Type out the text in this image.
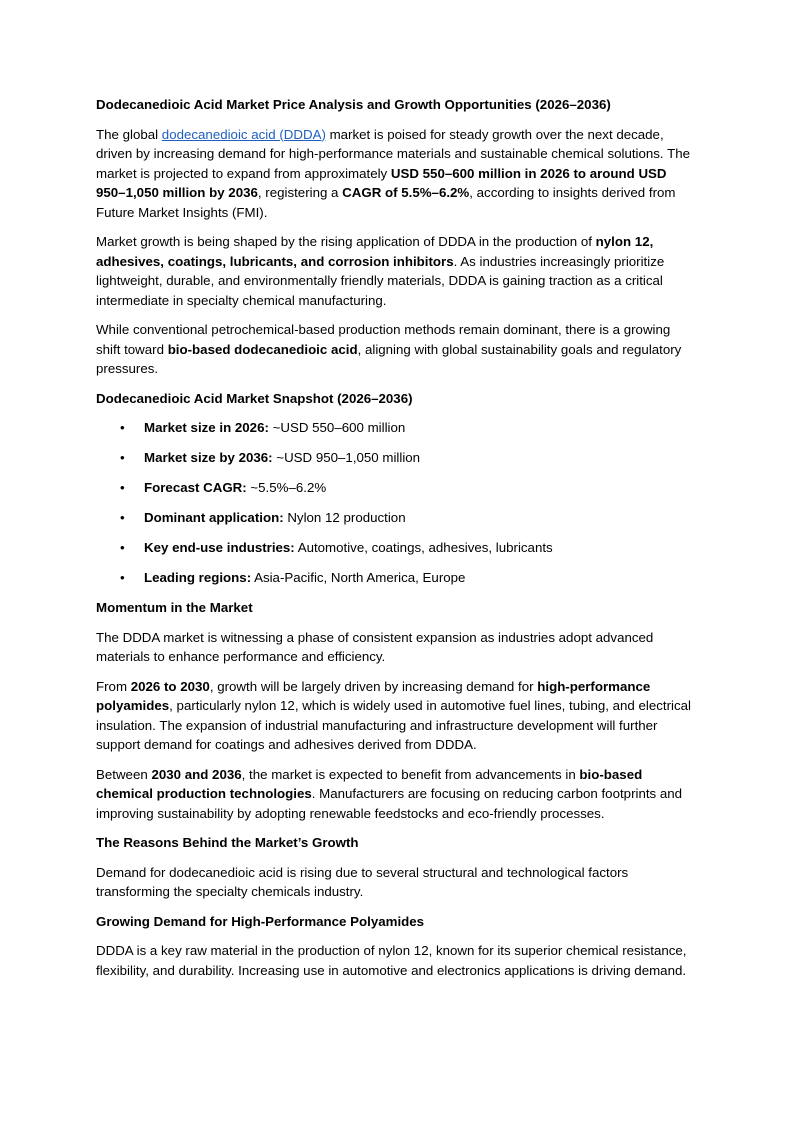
Dodecanedioic Acid Market Price Analysis and Growth Opportunities (2026–2036)

The global dodecanedioic acid (DDDA) market is poised for steady growth over the next decade, driven by increasing demand for high-performance materials and sustainable chemical solutions. The market is projected to expand from approximately USD 550–600 million in 2026 to around USD 950–1,050 million by 2036, registering a CAGR of 5.5%–6.2%, according to insights derived from Future Market Insights (FMI).

Market growth is being shaped by the rising application of DDDA in the production of nylon 12, adhesives, coatings, lubricants, and corrosion inhibitors. As industries increasingly prioritize lightweight, durable, and environmentally friendly materials, DDDA is gaining traction as a critical intermediate in specialty chemical manufacturing.

While conventional petrochemical-based production methods remain dominant, there is a growing shift toward bio-based dodecanedioic acid, aligning with global sustainability goals and regulatory pressures.

Dodecanedioic Acid Market Snapshot (2026–2036)
• Market size in 2026: ~USD 550–600 million
• Market size by 2036: ~USD 950–1,050 million
• Forecast CAGR: ~5.5%–6.2%
• Dominant application: Nylon 12 production
• Key end-use industries: Automotive, coatings, adhesives, lubricants
• Leading regions: Asia-Pacific, North America, Europe
Momentum in the Market

The DDDA market is witnessing a phase of consistent expansion as industries adopt advanced materials to enhance performance and efficiency.

From 2026 to 2030, growth will be largely driven by increasing demand for high-performance polyamides, particularly nylon 12, which is widely used in automotive fuel lines, tubing, and electrical insulation. The expansion of industrial manufacturing and infrastructure development will further support demand for coatings and adhesives derived from DDDA.

Between 2030 and 2036, the market is expected to benefit from advancements in bio-based chemical production technologies. Manufacturers are focusing on reducing carbon footprints and improving sustainability by adopting renewable feedstocks and eco-friendly processes.

The Reasons Behind the Market’s Growth

Demand for dodecanedioic acid is rising due to several structural and technological factors transforming the specialty chemicals industry.

Growing Demand for High-Performance Polyamides

DDDA is a key raw material in the production of nylon 12, known for its superior chemical resistance, flexibility, and durability. Increasing use in automotive and electronics applications is driving demand.
